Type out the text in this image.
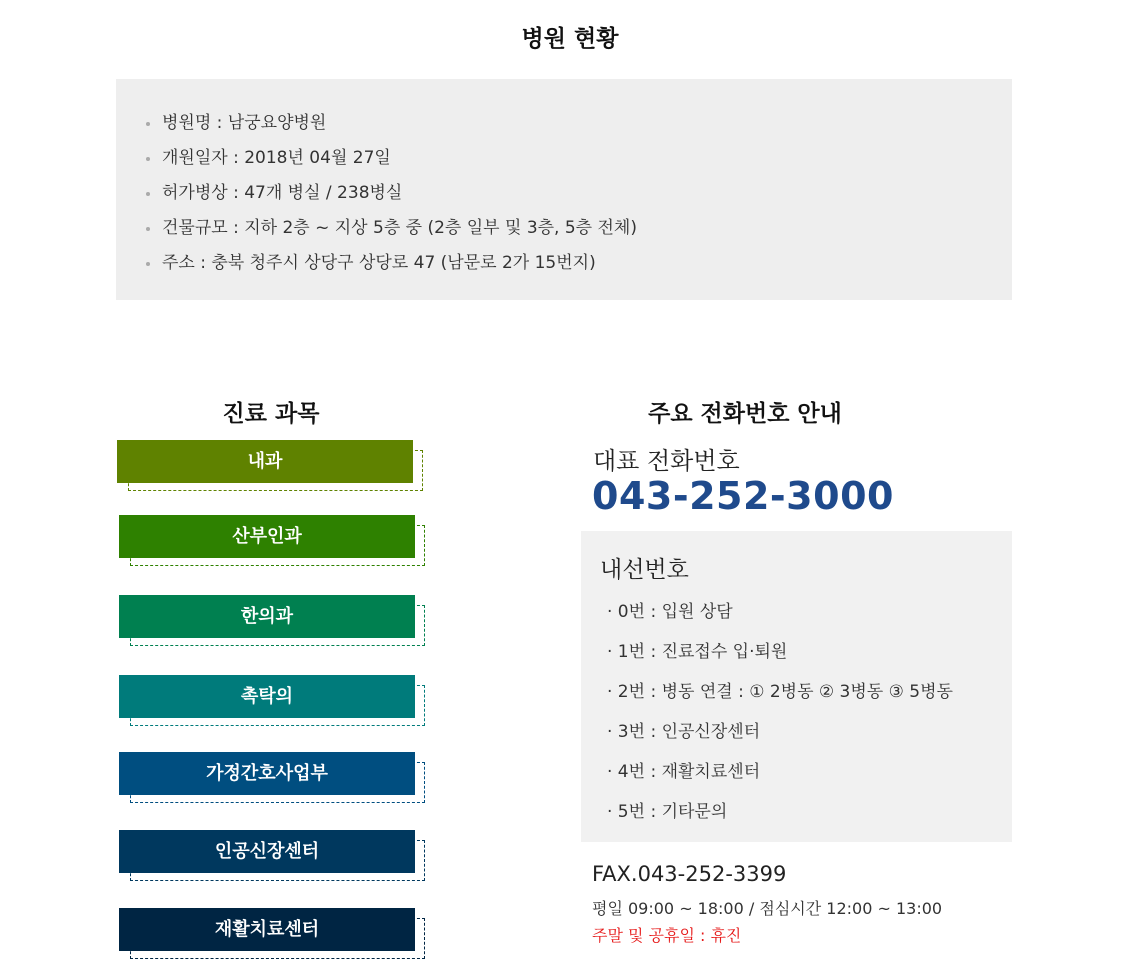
병원 현황
병원명 : 남궁요양병원
개원일자 : 2018년 04월 27일
허가병상 : 47개 병실 / 238병실
건물규모 : 지하 2층 ~ 지상 5층 중 (2층 일부 및 3층, 5층 전체)
주소 : 충북 청주시 상당구 상당로 47 (남문로 2가 15번지)
진료 과목
내과
산부인과
한의과
촉탁의
가정간호사업부
인공신장센터
재활치료센터
주요 전화번호 안내
대표 전화번호
043-252-3000
내선번호
· 0번 : 입원 상담
· 1번 : 진료접수 입·퇴원
· 2번 : 병동 연결 : ① 2병동 ② 3병동 ③ 5병동
· 3번 : 인공신장센터
· 4번 : 재활치료센터
· 5번 : 기타문의
FAX.043-252-3399
평일 09:00 ~ 18:00 / 점심시간 12:00 ~ 13:00
주말 및 공휴일 : 휴진
